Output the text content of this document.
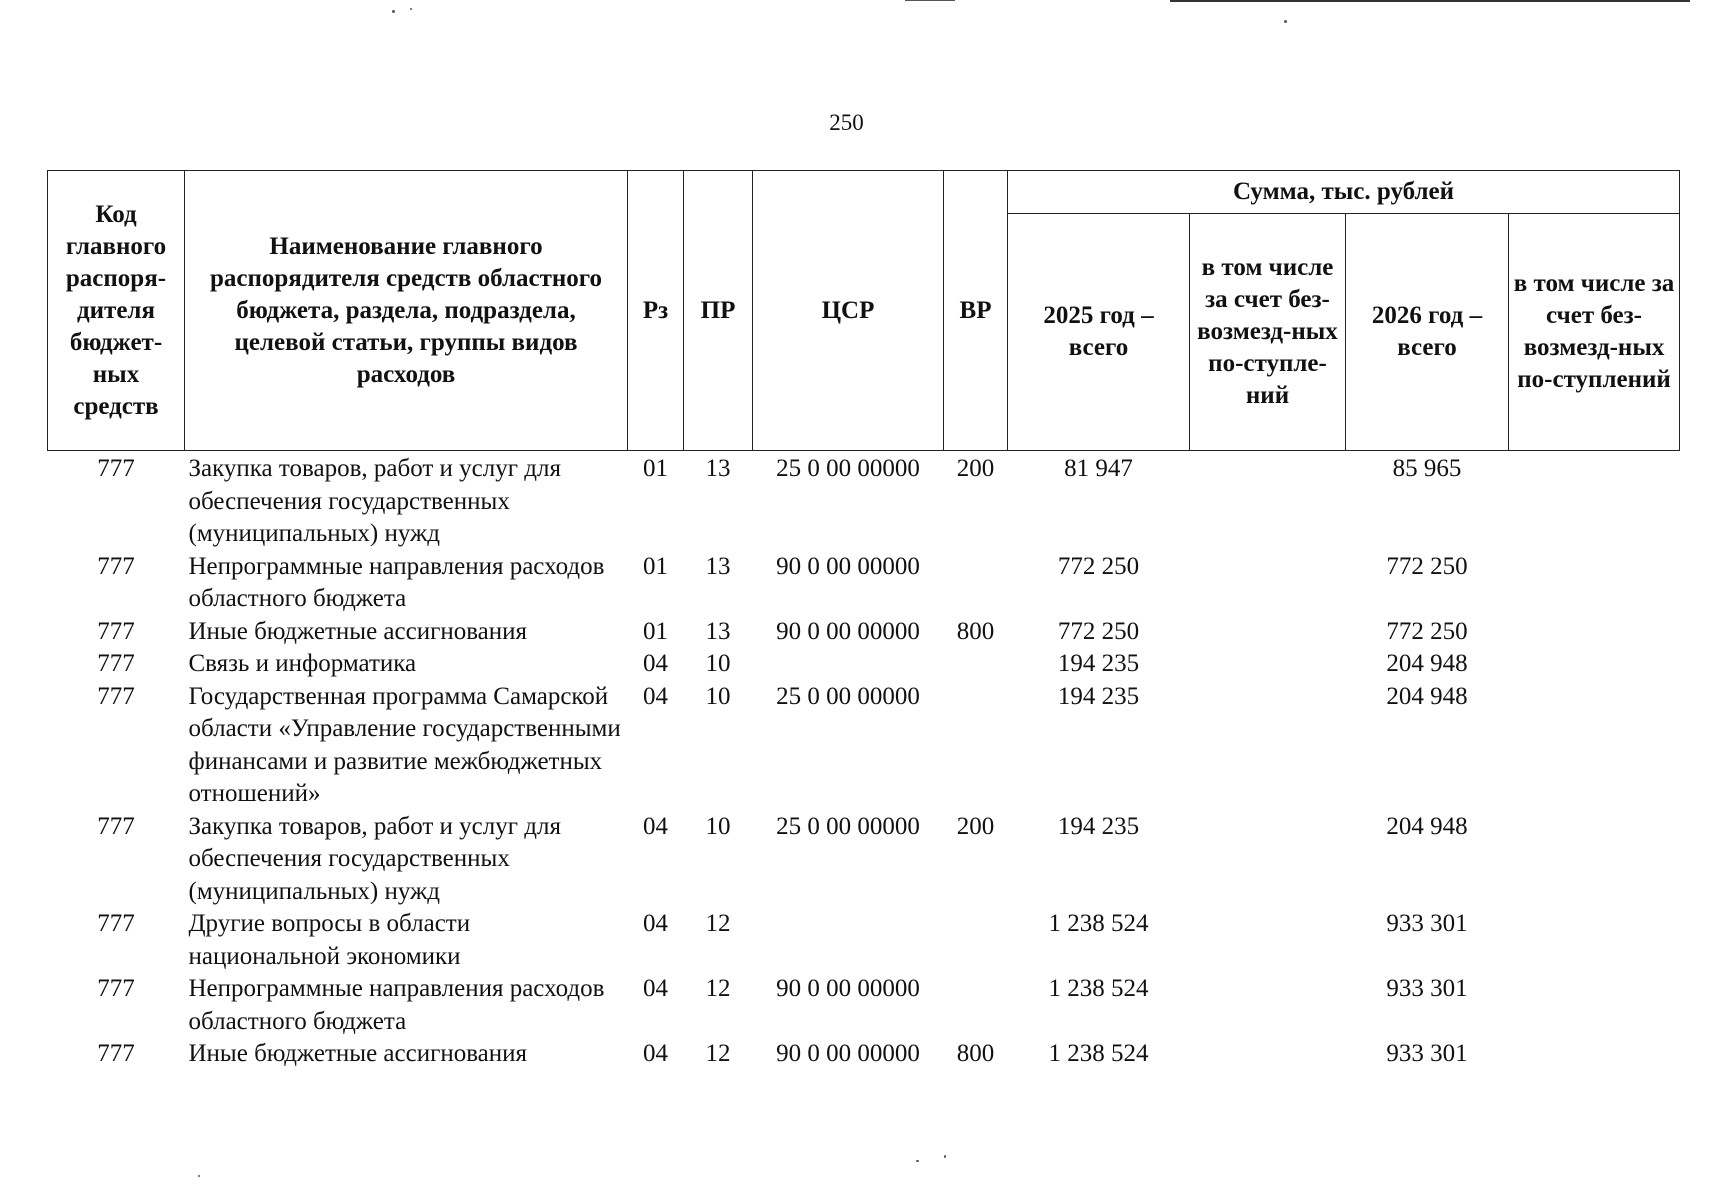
250
Код главного распоря-дителя бюджет-ных средств	Наименование главного распорядителя средств областного бюджета, раздела, подраздела, целевой статьи, группы видов расходов	Рз	ПР	ЦСР	ВР	Сумма, тыс. рублей			
						2025 год – всего	в том числе за счет без-возмезд-ных по-ступле-ний	2026 год – всего	в том числе за счет без-возмезд-ных по-ступлений
777	Закупка товаров, работ и услуг для обеспечения государственных (муниципальных) нужд	01	13	25 0 00 00000	200	81 947		85 965	
777	Непрограммные направления расходов областного бюджета	01	13	90 0 00 00000		772 250		772 250	
777	Иные бюджетные ассигнования	01	13	90 0 00 00000	800	772 250		772 250	
777	Связь и информатика	04	10			194 235		204 948	
777	Государственная программа Самарской области «Управление государственными финансами и развитие межбюджетных отношений»	04	10	25 0 00 00000		194 235		204 948	
777	Закупка товаров, работ и услуг для обеспечения государственных (муниципальных) нужд	04	10	25 0 00 00000	200	194 235		204 948	
777	Другие вопросы в области национальной экономики	04	12			1 238 524		933 301	
777	Непрограммные направления расходов областного бюджета	04	12	90 0 00 00000		1 238 524		933 301	
777	Иные бюджетные ассигнования	04	12	90 0 00 00000	800	1 238 524		933 301	
